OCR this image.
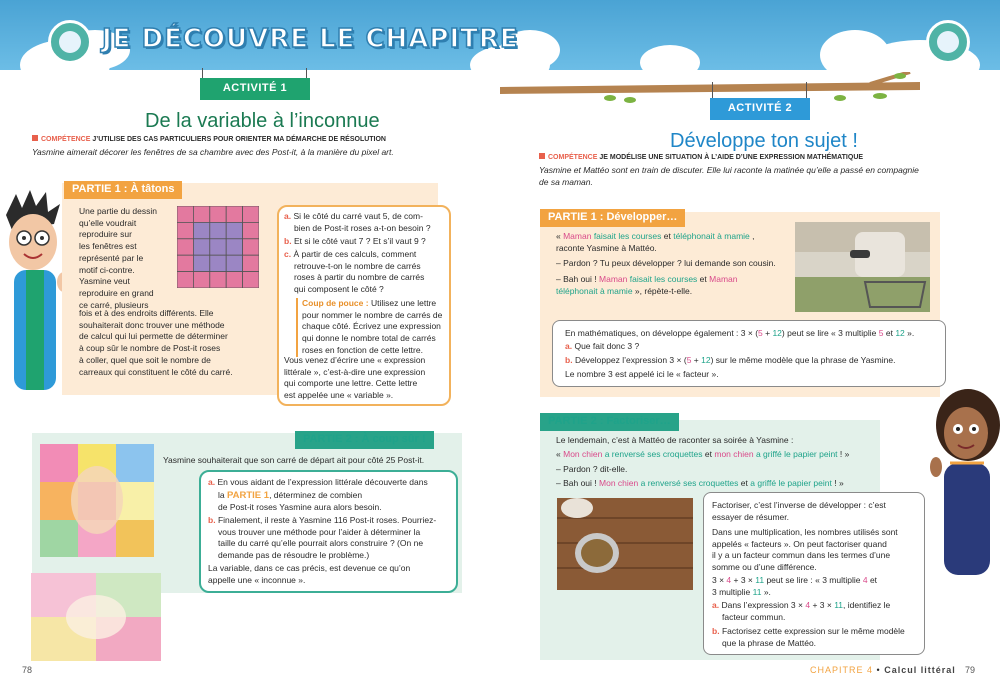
JE DÉCOUVRE LE CHAPITRE
ACTIVITÉ 1
De la variable à l’inconnue
COMPÉTENCE J’UTILISE DES CAS PARTICULIERS POUR ORIENTER MA DÉMARCHE DE RÉSOLUTION
Yasmine aimerait décorer les fenêtres de sa chambre avec des Post-it, à la manière du pixel art.
PARTIE 1 : À tâtons
Une partie du dessin
qu’elle voudrait
reproduire sur
les fenêtres est
représenté par le
motif ci-contre.
Yasmine veut
reproduire en grand
ce carré, plusieurs
fois et à des endroits différents. Elle
souhaiterait donc trouver une méthode
de calcul qui lui permette de déterminer
à coup sûr le nombre de Post-it roses
à coller, quel que soit le nombre de
carreaux qui constituent le côté du carré.
a. Si le côté du carré vaut 5, de com-
bien de Post-it roses a-t-on besoin ?
b. Et si le côté vaut 7 ? Et s’il vaut 9 ?
c. À partir de ces calculs, comment
retrouve-t-on le nombre de carrés
roses à partir du nombre de carrés
qui composent le côté ?
Coup de pouce : Utilisez une lettre
pour nommer le nombre de carrés de
chaque côté. Écrivez une expression
qui donne le nombre total de carrés
roses en fonction de cette lettre.
Vous venez d’écrire une « expression
littérale », c’est-à-dire une expression
qui comporte une lettre. Cette lettre
est appelée une « variable ».
PARTIE 2 : À coup sûr !
Yasmine souhaiterait que son carré de départ ait pour côté 25 Post-it.
a. En vous aidant de l’expression littérale découverte dans
la PARTIE 1, déterminez de combien
de Post-it roses Yasmine aura alors besoin.
b. Finalement, il reste à Yasmine 116 Post-it roses. Pourriez-
vous trouver une méthode pour l’aider à déterminer la
taille du carré qu’elle pourrait alors construire ? (On ne
demande pas de résoudre le problème.)
La variable, dans ce cas précis, est devenue ce qu’on
appelle une « inconnue ».
78
ACTIVITÉ 2
Développe ton sujet !
COMPÉTENCE JE MODÉLISE UNE SITUATION À L’AIDE D’UNE EXPRESSION MATHÉMATIQUE
Yasmine et Mattéo sont en train de discuter. Elle lui raconte la matinée qu’elle a passé en compagnie
de sa maman.
PARTIE 1 : Développer…
« Maman faisait les courses et téléphonait à mamie ,
raconte Yasmine à Mattéo.
– Pardon ? Tu peux développer ? lui demande son cousin.
– Bah oui ! Maman faisait les courses et Maman
téléphonait à mamie », répète-t-elle.
En mathématiques, on développe également : 3 × (5 + 12) peut se lire « 3 multiplie 5 et 12 ».
a. Que fait donc 3 ?
b. Développez l’expression 3 × (5 + 12) sur le même modèle que la phrase de Yasmine.
Le nombre 3 est appelé ici le « facteur ».
PARTIE 2 : Factoriser…
Le lendemain, c’est à Mattéo de raconter sa soirée à Yasmine :
« Mon chien a renversé ses croquettes et mon chien a griffé le papier peint ! »
– Pardon ? dit-elle.
– Bah oui ! Mon chien a renversé ses croquettes et a griffé le papier peint ! »
Factoriser, c’est l’inverse de développer : c’est
essayer de résumer.
Dans une multiplication, les nombres utilisés sont
appelés « facteurs ». On peut factoriser quand
il y a un facteur commun dans les termes d’une
somme ou d’une différence.
3 × 4 + 3 × 11 peut se lire : « 3 multiplie 4 et
3 multiplie 11 ».
a. Dans l’expression 3 × 4 + 3 × 11, identifiez le
facteur commun.
b. Factorisez cette expression sur le même modèle
que la phrase de Mattéo.
CHAPITRE 4 • Calcul littéral 79
